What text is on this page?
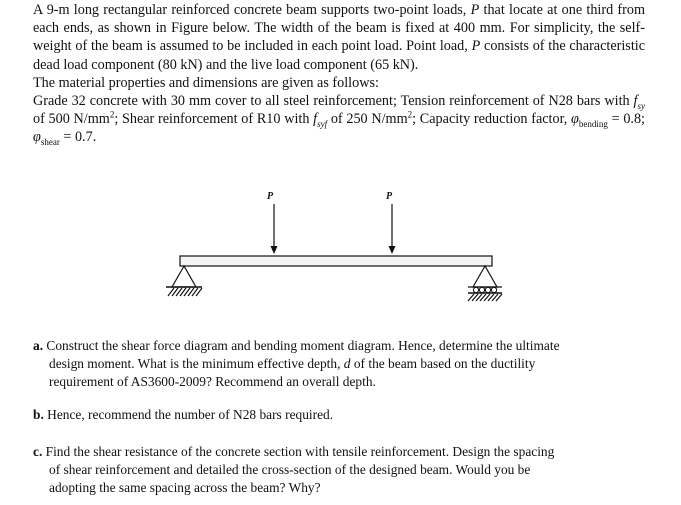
A 9-m long rectangular reinforced concrete beam supports two-point loads, P that locate at one third from each ends, as shown in Figure below. The width of the beam is fixed at 400 mm. For simplicity, the self-weight of the beam is assumed to be included in each point load. Point load, P consists of the characteristic dead load component (80 kN) and the live load component (65 kN).

The material properties and dimensions are given as follows:

Grade 32 concrete with 30 mm cover to all steel reinforcement; Tension reinforcement of N28 bars with $f_{sy}$ of 500 $N/mm^2$; Shear reinforcement of R10 with $f_{syf}$ of 250 $N/mm^2$; Capacity reduction factor, $\varphi_{bending} = 0.8$; $\varphi_{shear} = 0.7$.

P	P
a. Construct the shear force diagram and bending moment diagram. Hence, determine the ultimate
design moment. What is the minimum effective depth, d of the beam based on the ductility
requirement of AS3600-2009? Recommend an overall depth.
b. Hence, recommend the number of N28 bars required.
c. Find the shear resistance of the concrete section with tensile reinforcement. Design the spacing
of shear reinforcement and detailed the cross-section of the designed beam. Would you be
adopting the same spacing across the beam? Why?
